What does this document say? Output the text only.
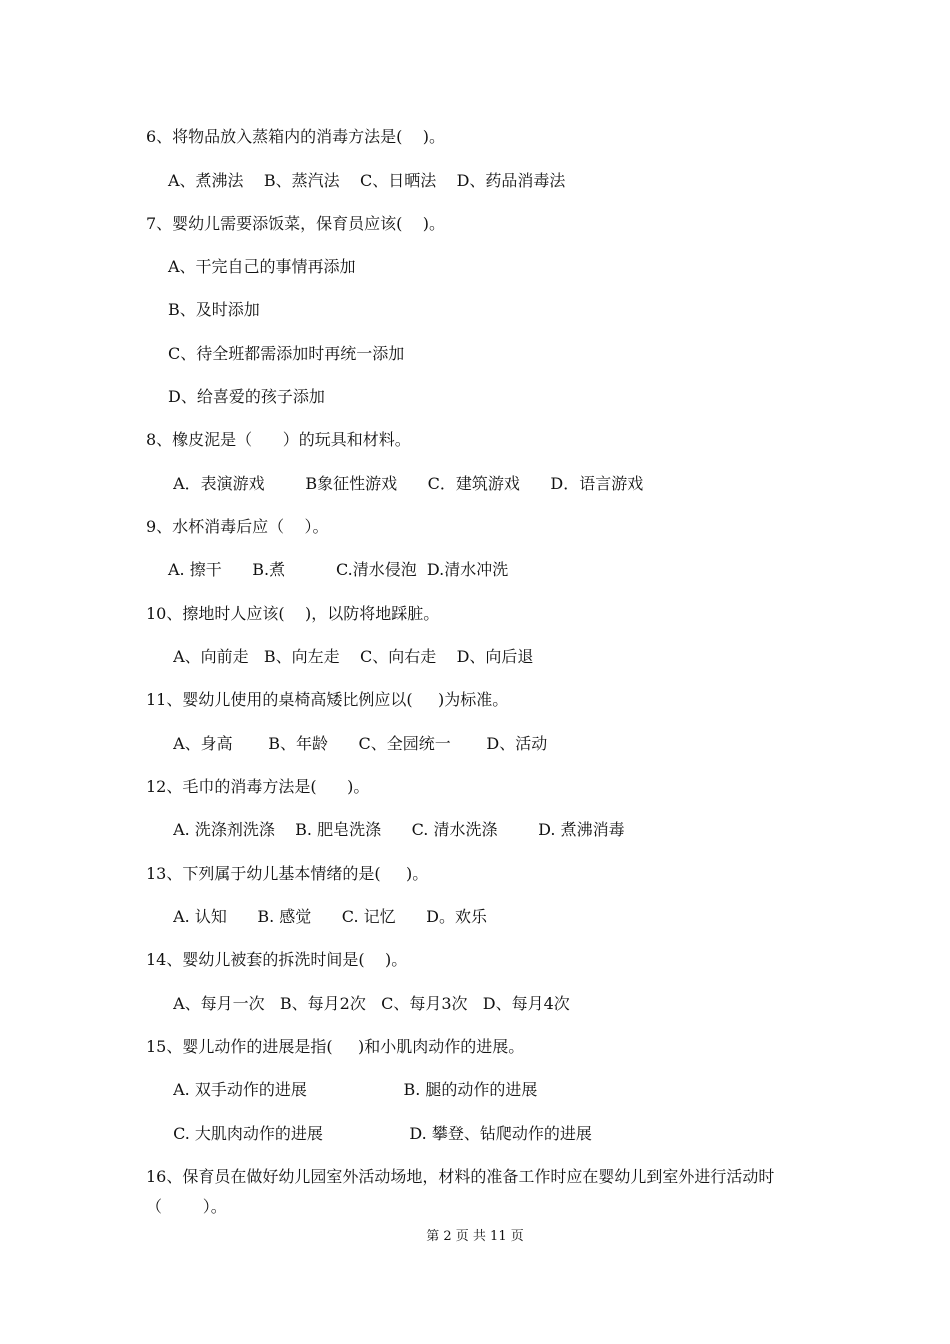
6、将物品放入蒸箱内的消毒方法是(    )。
A、煮沸法    B、蒸汽法    C、日晒法    D、药品消毒法
7、婴幼儿需要添饭菜，保育员应该(    )。
A、干完自己的事情再添加
B、及时添加
C、待全班都需添加时再统一添加
D、给喜爱的孩子添加
8、橡皮泥是（      ）的玩具和材料。
A．表演游戏        B象征性游戏      C．建筑游戏      D．语言游戏
9、水杯消毒后应（    ）。
A. 擦干      B.煮          C.清水侵泡  D.清水冲洗
10、擦地时人应该(    )，以防将地踩脏。
A、向前走   B、向左走    C、向右走    D、向后退
11、婴幼儿使用的桌椅高矮比例应以(     )为标准。
A、身高       B、年龄      C、全园统一       D、活动
12、毛巾的消毒方法是(      )。
A. 洗涤剂洗涤    B. 肥皂洗涤      C. 清水洗涤        D. 煮沸消毒
13、下列属于幼儿基本情绪的是(     )。
A. 认知      B. 感觉      C. 记忆      D。欢乐
14、婴幼儿被套的拆洗时间是(    )。
A、每月一次   B、每月2次   C、每月3次   D、每月4次
15、婴儿动作的进展是指(     )和小肌肉动作的进展。
A. 双手动作的进展                   B. 腿的动作的进展
C. 大肌肉动作的进展                 D. 攀登、钻爬动作的进展
16、保育员在做好幼儿园室外活动场地，材料的准备工作时应在婴幼儿到室外进行活动时
（        ）。
第 2 页 共 11 页
